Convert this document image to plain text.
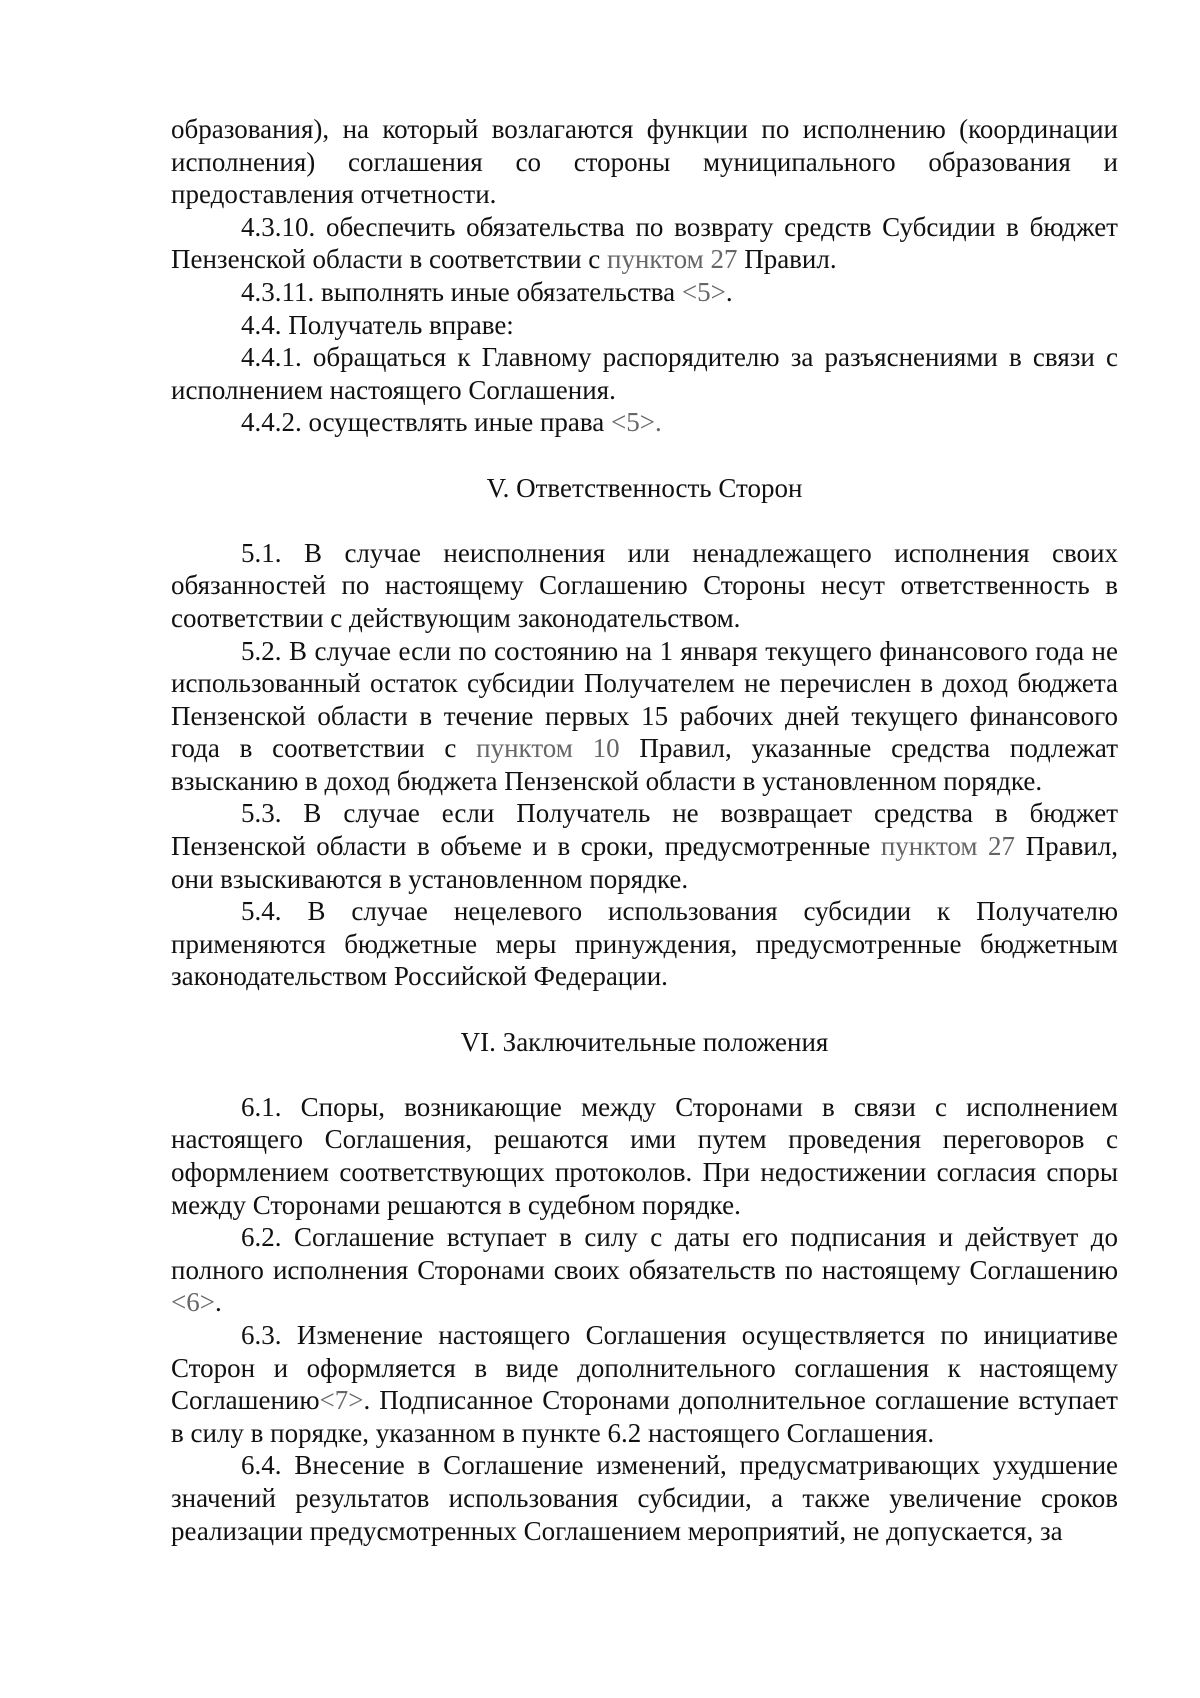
образования), на который возлагаются функции по исполнению (координации исполнения) соглашения со стороны муниципального образования и предоставления отчетности.

4.3.10. обеспечить обязательства по возврату средств Субсидии в бюджет Пензенской области в соответствии с пунктом 27 Правил.

4.3.11. выполнять иные обязательства <5>.

4.4. Получатель вправе:

4.4.1. обращаться к Главному распорядителю за разъяснениями в связи с исполнением настоящего Соглашения.

4.4.2. осуществлять иные права <5>.

V. Ответственность Сторон

5.1. В случае неисполнения или ненадлежащего исполнения своих обязанностей по настоящему Соглашению Стороны несут ответственность в соответствии с действующим законодательством.

5.2. В случае если по состоянию на 1 января текущего финансового года не использованный остаток субсидии Получателем не перечислен в доход бюджета Пензенской области в течение первых 15 рабочих дней текущего финансового года в соответствии с пунктом 10 Правил, указанные средства подлежат взысканию в доход бюджета Пензенской области в установленном порядке.

5.3. В случае если Получатель не возвращает средства в бюджет Пензенской области в объеме и в сроки, предусмотренные пунктом 27 Правил, они взыскиваются в установленном порядке.

5.4. В случае нецелевого использования субсидии к Получателю применяются бюджетные меры принуждения, предусмотренные бюджетным законодательством Российской Федерации.

VI. Заключительные положения

6.1. Споры, возникающие между Сторонами в связи с исполнением настоящего Соглашения, решаются ими путем проведения переговоров с оформлением соответствующих протоколов. При недостижении согласия споры между Сторонами решаются в судебном порядке.

6.2. Соглашение вступает в силу с даты его подписания и действует до полного исполнения Сторонами своих обязательств по настоящему Соглашению <6>.

6.3. Изменение настоящего Соглашения осуществляется по инициативе Сторон и оформляется в виде дополнительного соглашения к настоящему Соглашению<7>. Подписанное Сторонами дополнительное соглашение вступает в силу в порядке, указанном в пункте 6.2 настоящего Соглашения.

6.4. Внесение в Соглашение изменений, предусматривающих ухудшение значений результатов использования субсидии, а также увеличение сроков реализации предусмотренных Соглашением мероприятий, не допускается, за
